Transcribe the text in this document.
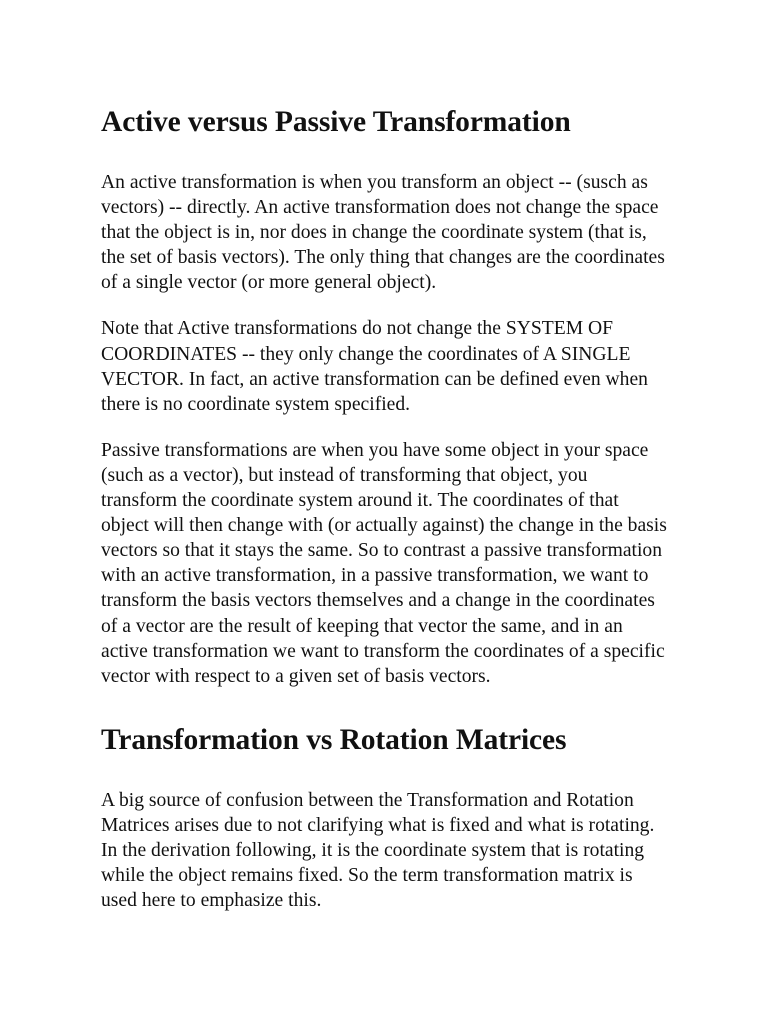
Active versus Passive Transformation

An active transformation is when you transform an object -- (susch as vectors) -- directly. An active transformation does not change the space that the object is in, nor does in change the coordinate system (that is, the set of basis vectors). The only thing that changes are the coordinates of a single vector (or more general object).

Note that Active transformations do not change the SYSTEM OF COORDINATES -- they only change the coordinates of A SINGLE VECTOR. In fact, an active transformation can be defined even when there is no coordinate system specified.

Passive transformations are when you have some object in your space (such as a vector), but instead of transforming that object, you transform the coordinate system around it. The coordinates of that object will then change with (or actually against) the change in the basis vectors so that it stays the same. So to contrast a passive transformation with an active transformation, in a passive transformation, we want to transform the basis vectors themselves and a change in the coordinates of a vector are the result of keeping that vector the same, and in an active transformation we want to transform the coordinates of a specific vector with respect to a given set of basis vectors.

Transformation vs Rotation Matrices

A big source of confusion between the Transformation and Rotation Matrices arises due to not clarifying what is fixed and what is rotating. In the derivation following, it is the coordinate system that is rotating while the object remains fixed. So the term transformation matrix is used here to emphasize this.
